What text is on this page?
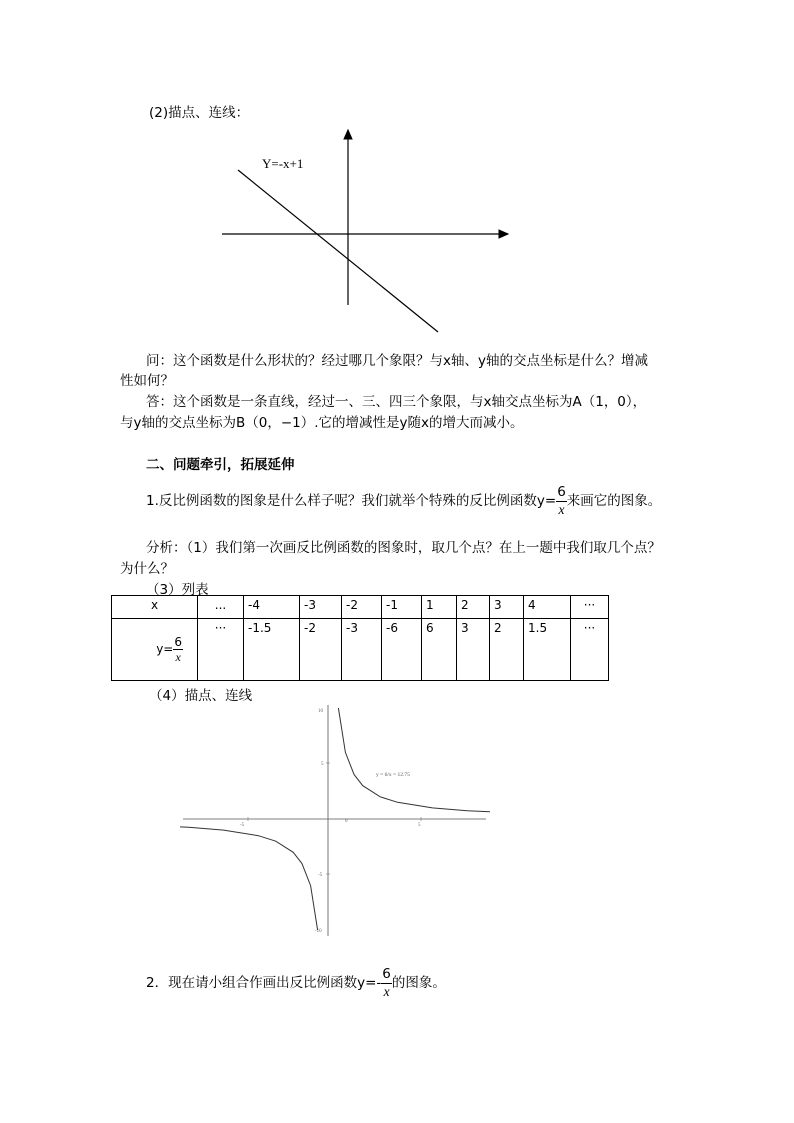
(2)描点、连线：
Y=-x+1
问：这个函数是什么形状的？经过哪几个象限？与x轴、y轴的交点坐标是什么？增减
性如何？
答：这个函数是一条直线，经过一、三、四三个象限，与x轴交点坐标为A（1，0），
与y轴的交点坐标为B（0，−1）.它的增减性是y随x的增大而减小。
二、问题牵引，拓展延伸
1.反比例函数的图象是什么样子呢？我们就举个特殊的反比例函数$y= \frac{6}{x}$ 来画它的图象。
分析：（1）我们第一次画反比例函数的图象时，取几个点？在上一题中我们取几个点？
为什么？
（3）列表
x	...	-4	-3	-2	-1	1	2	3	4	···
$y= \frac{6}{x}$	···	-1.5	-2	-3	-6	6	3	2	1.5	···
（4）描点、连线
10
5
-5
-10
-5	5
0
y = 6/x = 12.75
2．现在请小组合作画出反比例函数$y=- \frac{6}{x}$ 的图象。
